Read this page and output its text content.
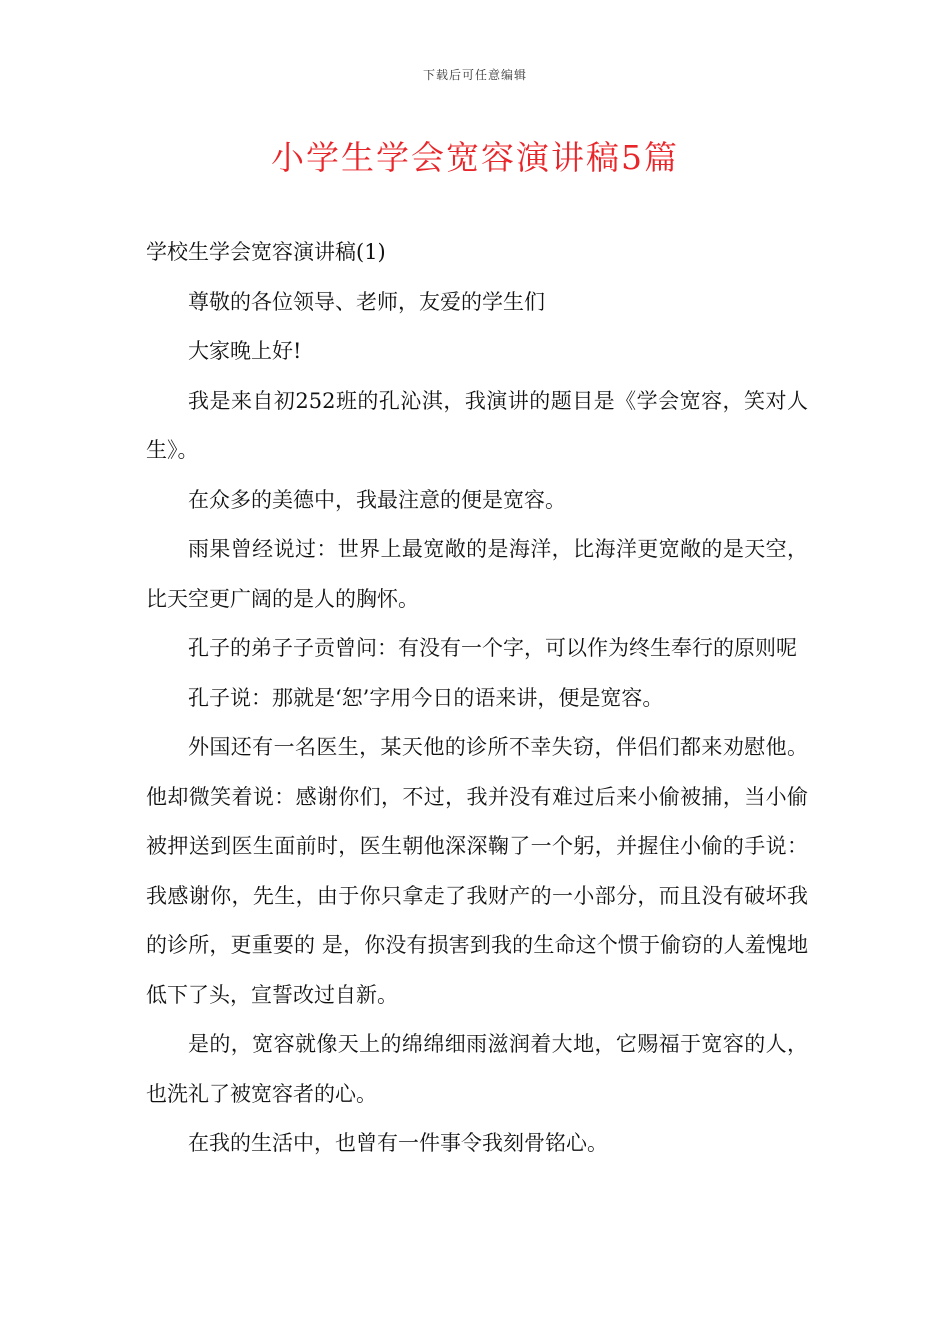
下载后可任意编辑
小学生学会宽容演讲稿5篇

学校生学会宽容演讲稿(1)

尊敬的各位领导、老师，友爱的学生们

大家晚上好!

我是来自初252班的孔沁淇，我演讲的题目是《学会宽容，笑对人生》。

在众多的美德中，我最注意的便是宽容。

雨果曾经说过：世界上最宽敞的是海洋，比海洋更宽敞的是天空，比天空更广阔的是人的胸怀。

孔子的弟子子贡曾问：有没有一个字，可以作为终生奉行的原则呢

孔子说：那就是‘恕’字用今日的语来讲，便是宽容。

外国还有一名医生，某天他的诊所不幸失窃，伴侣们都来劝慰他。他却微笑着说：感谢你们，不过，我并没有难过后来小偷被捕，当小偷被押送到医生面前时，医生朝他深深鞠了一个躬，并握住小偷的手说：我感谢你，先生，由于你只拿走了我财产的一小部分，而且没有破坏我的诊所，更重要的 是，你没有损害到我的生命这个惯于偷窃的人羞愧地低下了头，宣誓改过自新。

是的，宽容就像天上的绵绵细雨滋润着大地，它赐福于宽容的人，也洗礼了被宽容者的心。

在我的生活中，也曾有一件事令我刻骨铭心。
